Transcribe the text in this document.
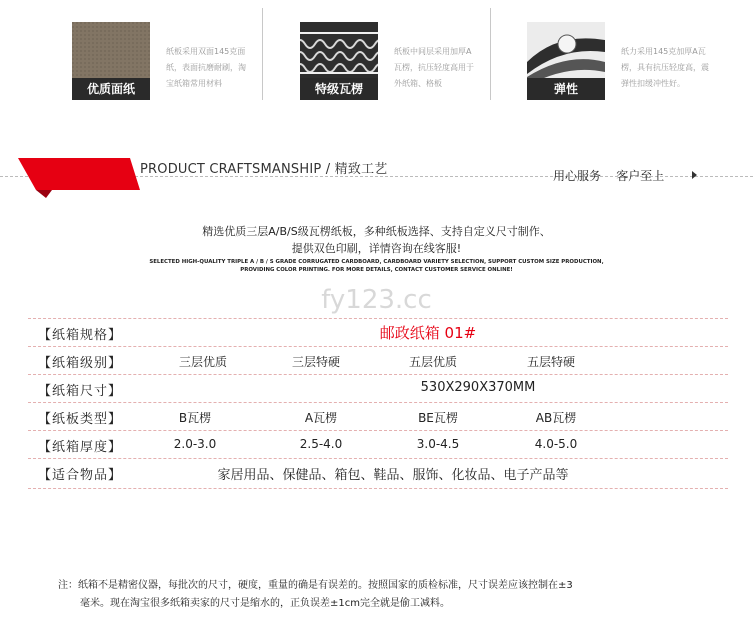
优质面纸
纸板采用双面145克面纸，表面抗磨耐刷，淘宝纸箱常用材料	特级瓦楞
纸板中间层采用加厚A瓦楞，抗压轻度高用于外纸箱、格板	弹性
纸力采用145克加厚A瓦楞，具有抗压轻度高，震弹性扣缓冲性好。
PRODUCT CRAFTSMANSHIP / 精致工艺	用心服务 客户至上
精选优质三层A/B/S级瓦楞纸板，多种纸板选择、支持自定义尺寸制作、
提供双色印刷，详情咨询在线客服!
SELECTED HIGH-QUALITY TRIPLE A / B / S GRADE CORRUGATED CARDBOARD, CARDBOARD VARIETY SELECTION, SUPPORT CUSTOM SIZE PRODUCTION,
PROVIDING COLOR PRINTING. FOR MORE DETAILS, CONTACT CUSTOMER SERVICE ONLINE!
fy123.cc
【纸箱规格】	邮政纸箱 01#
【纸箱级别】	三层优质	三层特硬	五层优质	五层特硬
【纸箱尺寸】	530X290X370MM
【纸板类型】	B瓦楞	A瓦楞	BE瓦楞	AB瓦楞
【纸箱厚度】	2.0-3.0	2.5-4.0	3.0-4.5	4.0-5.0
【适合物品】	家居用品、保健品、箱包、鞋品、服饰、化妆品、电子产品等
注：纸箱不是精密仪器，每批次的尺寸，硬度，重量的确是有误差的。按照国家的质检标准，尺寸误差应该控制在±3
毫米。现在淘宝很多纸箱卖家的尺寸是缩水的，正负误差±1cm完全就是偷工减料。
